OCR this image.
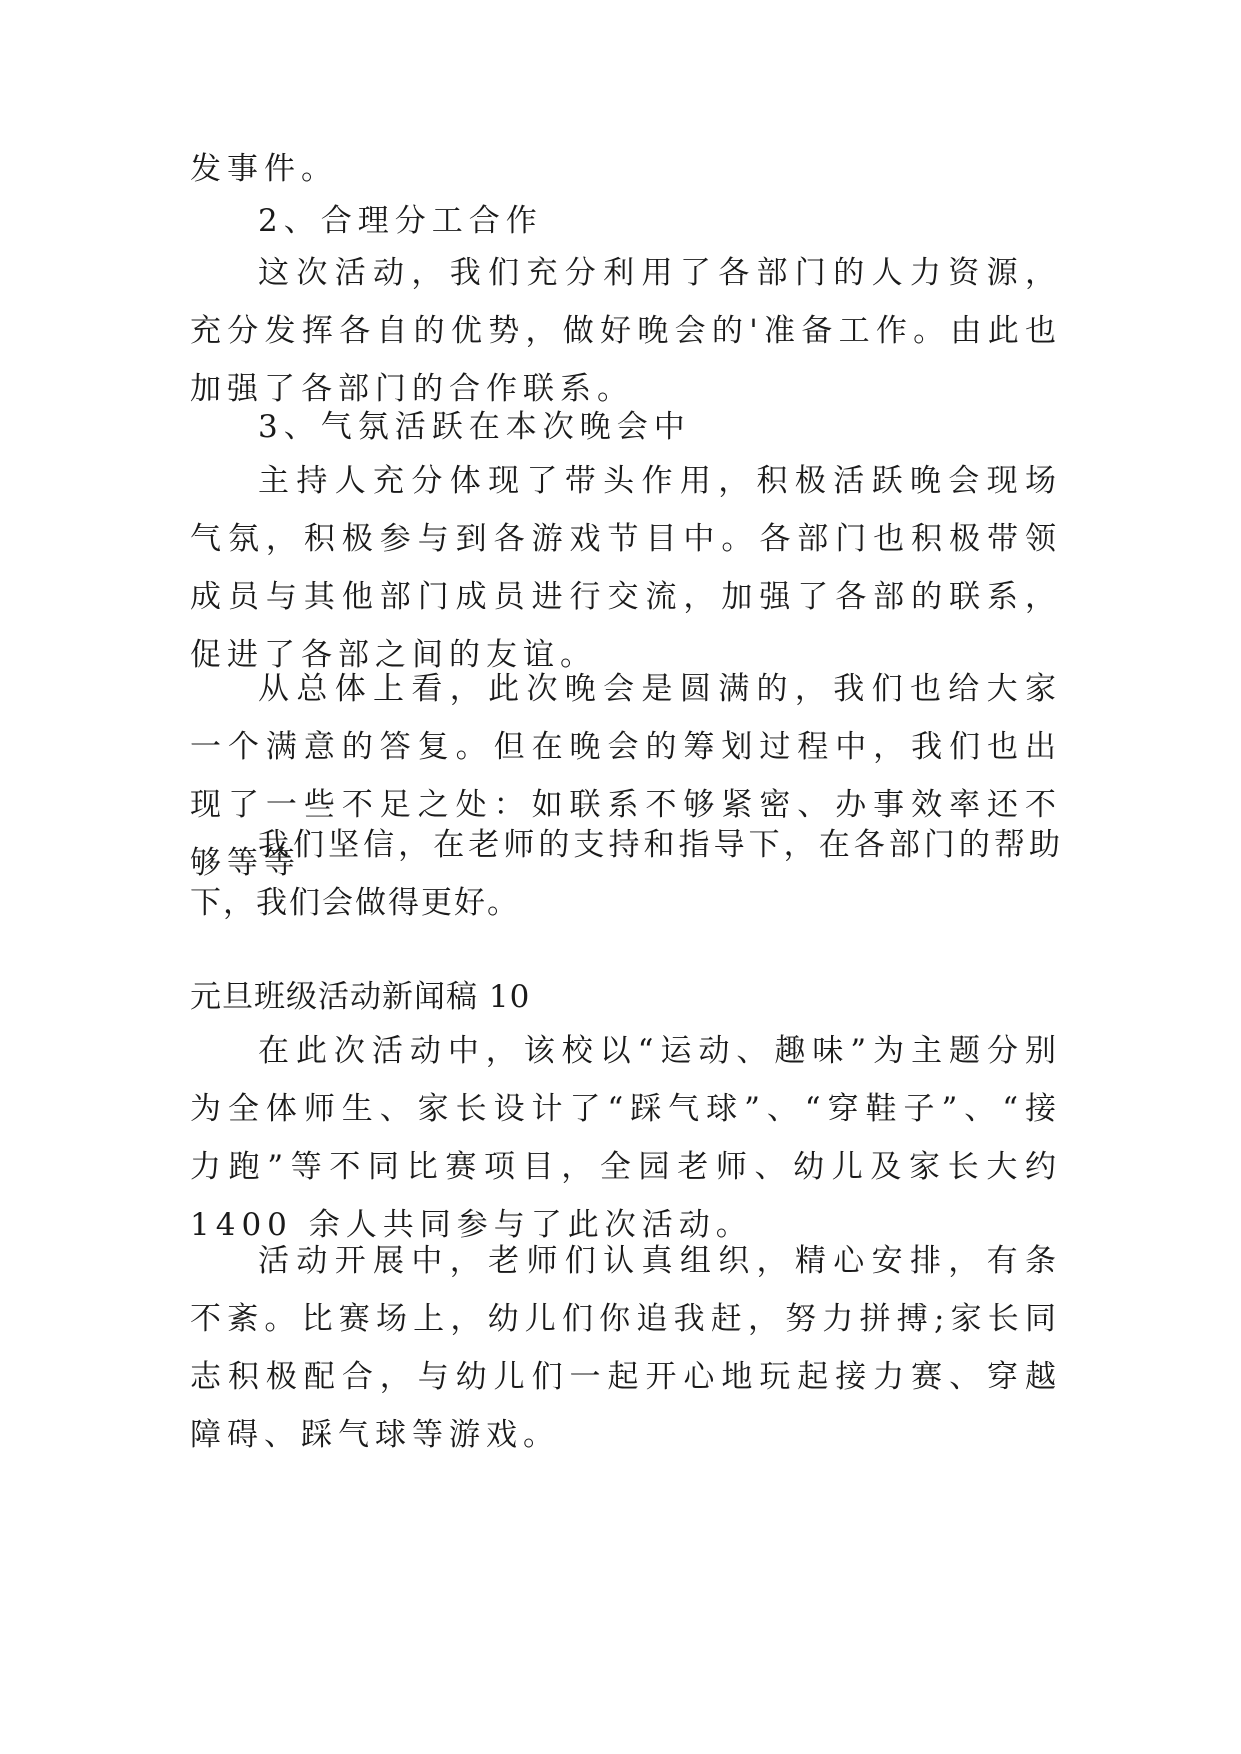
发事件。

2、合理分工合作

这次活动，我们充分利用了各部门的人力资源，充分发挥各自的优势，做好晚会的'准备工作。由此也加强了各部门的合作联系。

3、气氛活跃在本次晚会中

主持人充分体现了带头作用，积极活跃晚会现场气氛，积极参与到各游戏节目中。各部门也积极带领成员与其他部门成员进行交流，加强了各部的联系，促进了各部之间的友谊。

从总体上看，此次晚会是圆满的，我们也给大家一个满意的答复。但在晚会的筹划过程中，我们也出现了一些不足之处：如联系不够紧密、办事效率还不够等等

我们坚信，在老师的支持和指导下，在各部门的帮助下，我们会做得更好。

元旦班级活动新闻稿 10

在此次活动中，该校以“运动、趣味”为主题分别为全体师生、家长设计了“踩气球”、“穿鞋子”、“接力跑”等不同比赛项目，全园老师、幼儿及家长大约 1400 余人共同参与了此次活动。

活动开展中，老师们认真组织，精心安排，有条不紊。比赛场上，幼儿们你追我赶，努力拼搏;家长同志积极配合，与幼儿们一起开心地玩起接力赛、穿越障碍、踩气球等游戏。
